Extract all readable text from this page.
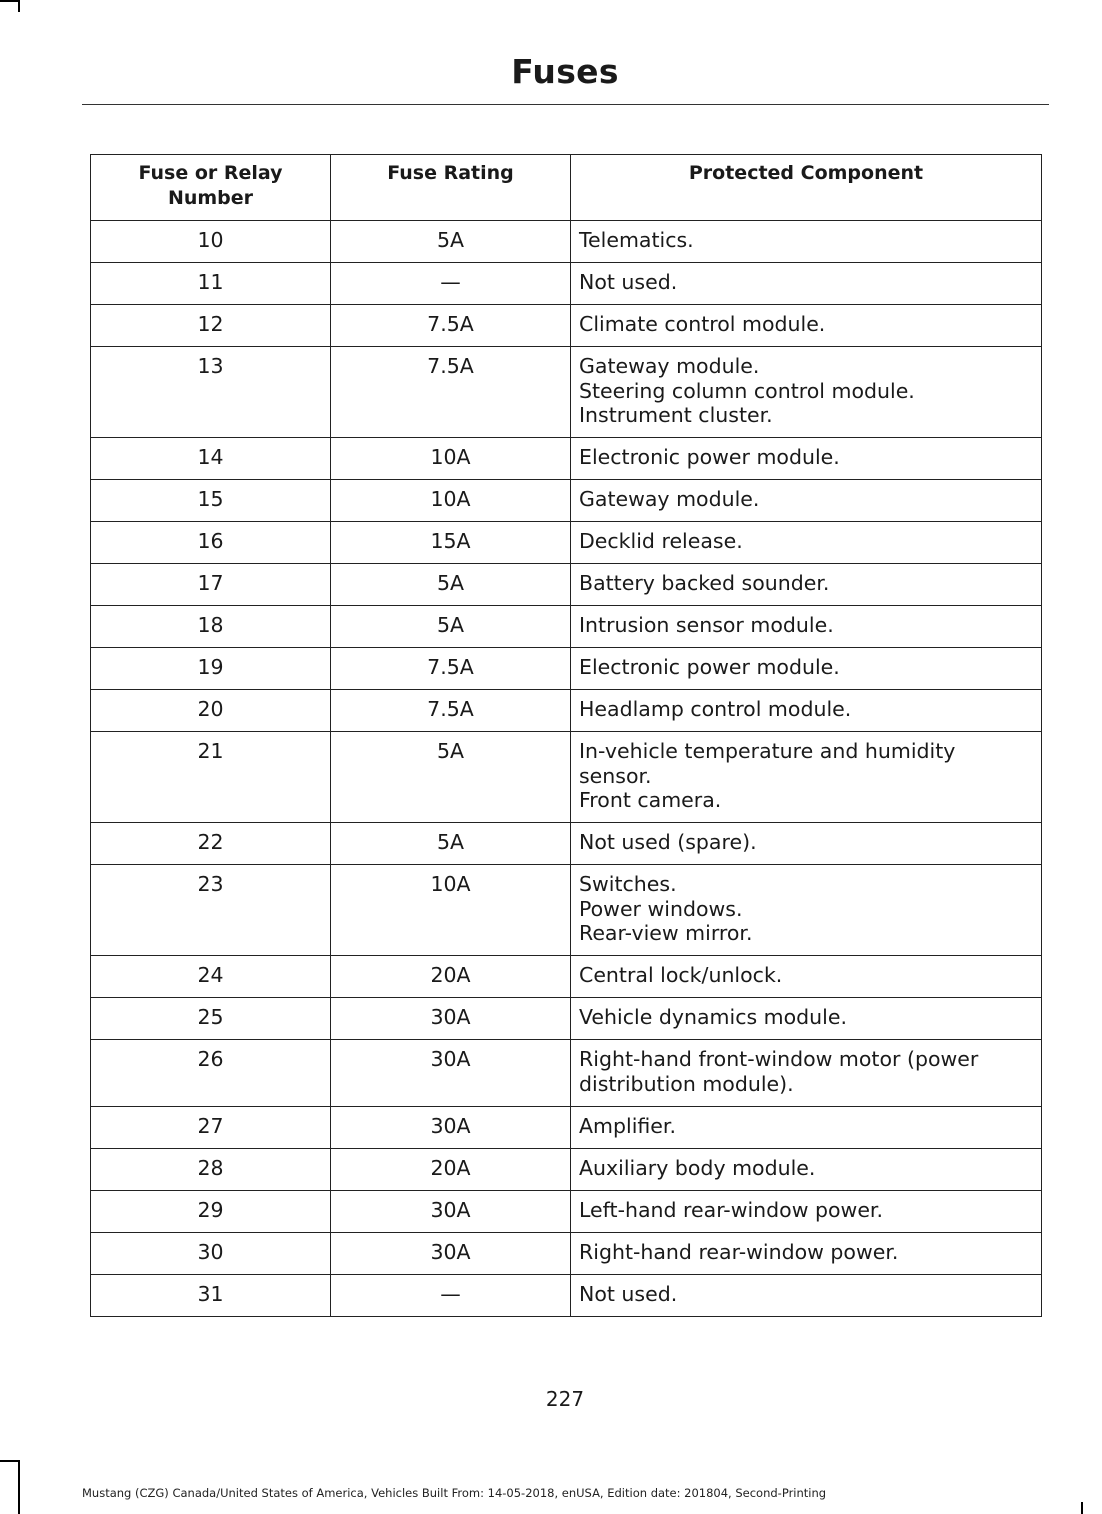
Fuses
Fuse or Relay
Number	Fuse Rating	Protected Component
10	5A	Telematics.

11	—	Not used.

12	7.5A	Climate control module.

13	7.5A	Gateway module.
Steering column control module.
Instrument cluster.

14	10A	Electronic power module.

15	10A	Gateway module.

16	15A	Decklid release.

17	5A	Battery backed sounder.

18	5A	Intrusion sensor module.

19	7.5A	Electronic power module.

20	7.5A	Headlamp control module.

21	5A	In-vehicle temperature and humidity
sensor.
Front camera.

22	5A	Not used (spare).

23	10A	Switches.
Power windows.
Rear-view mirror.

24	20A	Central lock/unlock.

25	30A	Vehicle dynamics module.

26	30A	Right-hand front-window motor (power
distribution module).

27	30A	Amplifier.

28	20A	Auxiliary body module.

29	30A	Left-hand rear-window power.

30	30A	Right-hand rear-window power.

31	—	Not used.
227
Mustang (CZG) Canada/United States of America, Vehicles Built From: 14-05-2018, enUSA, Edition date: 201804, Second-Printing
